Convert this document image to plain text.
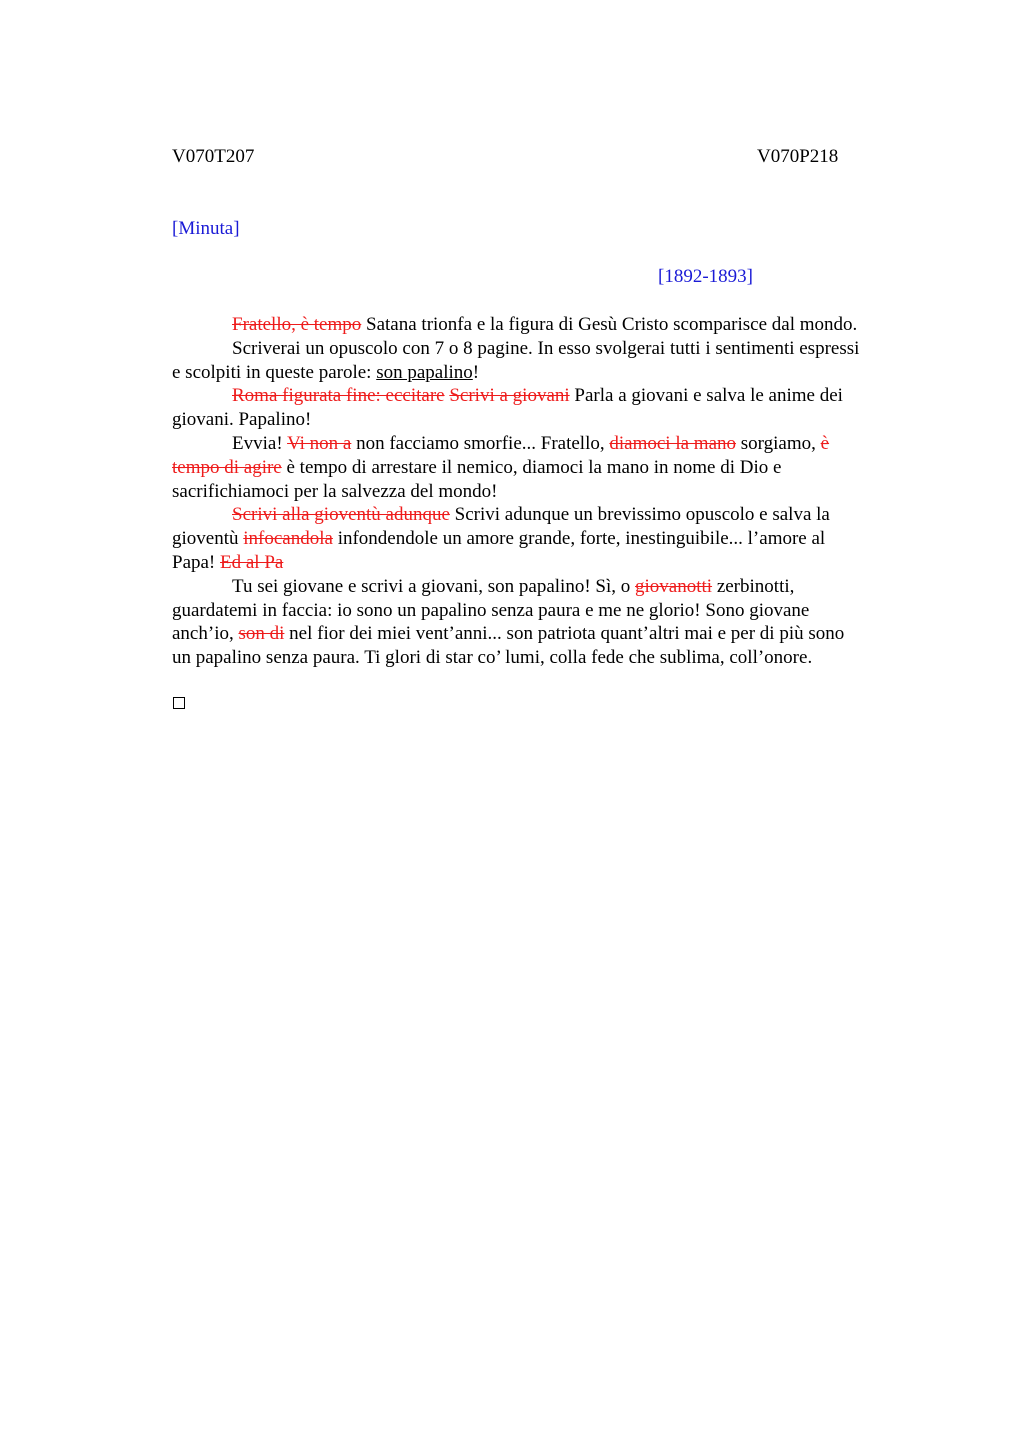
V070T207	V070P218
[Minuta]
[1892-1893]

Fratello, è tempo Satana trionfa e la figura di Gesù Cristo scomparisce dal mondo.

Scriverai un opuscolo con 7 o 8 pagine. In esso svolgerai tutti i sentimenti espressi
e scolpiti in queste parole: son papalino!

Roma figurata fine: eccitare Scrivi a giovani Parla a giovani e salva le anime dei
giovani. Papalino!

Evvia! Vi non a non facciamo smorfie... Fratello, diamoci la mano sorgiamo, è
tempo di agire è tempo di arrestare il nemico, diamoci la mano in nome di Dio e
sacrifichiamoci per la salvezza del mondo!

Scrivi alla gioventù adunque Scrivi adunque un brevissimo opuscolo e salva la
gioventù infocandola infondendole un amore grande, forte, inestinguibile... l’amore al
Papa! Ed al Pa

Tu sei giovane e scrivi a giovani, son papalino! Sì, o giovanotti zerbinotti,
guardatemi in faccia: io sono un papalino senza paura e me ne glorio! Sono giovane
anch’io, son di nel fior dei miei vent’anni... son patriota quant’altri mai e per di più sono
un papalino senza paura. Ti glori di star co’ lumi, colla fede che sublima, coll’onore.
